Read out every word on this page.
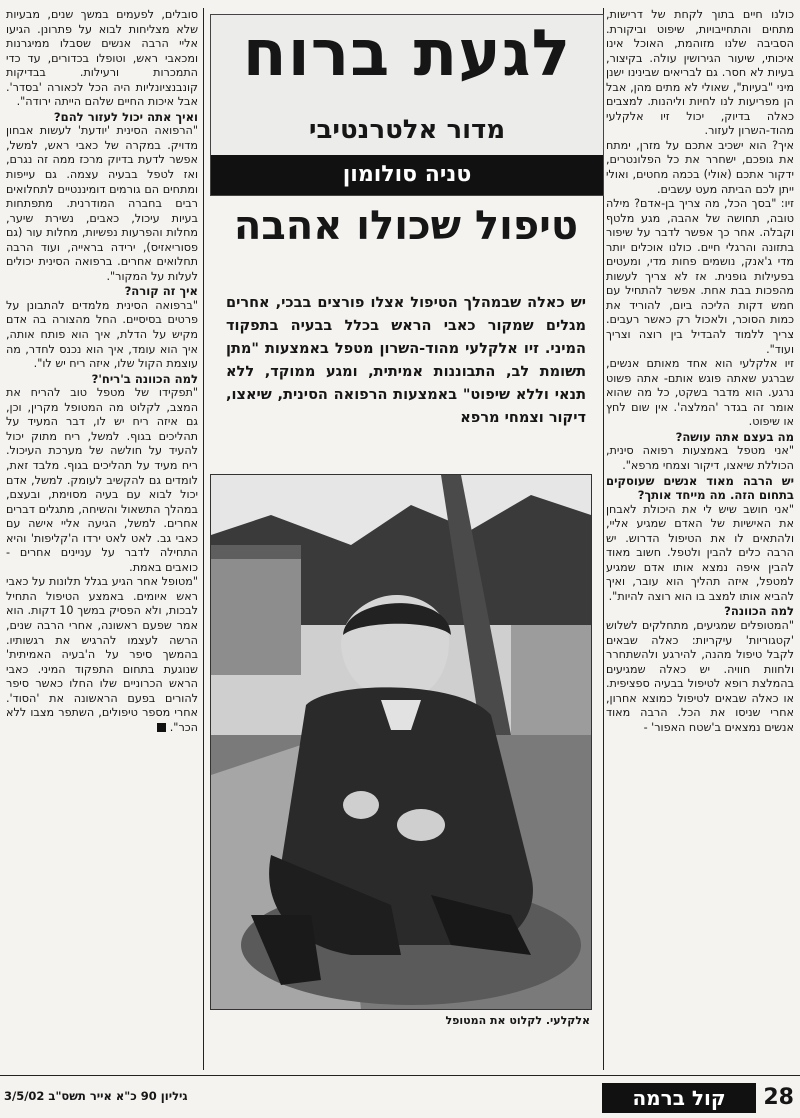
כולנו חיים בתוך לקחת של דרישות, מתחים והתחייבויות, שיפוט וביקורת. הסביבה שלנו מזוהמת, האוכל אינו איכותי, שיעור הגירושין עולה. בקיצור, בעיות לא חסר. גם לבריאים שבינינו ישנן מיני "בעיות", שאולי לא מתים מהן, אבל הן מפריעות לנו לחיות וליהנות. למצבים כאלה בדיוק, יכול זיו אלקלעי מהוד-השרון לעזור.

איך? הוא ישכיב אתכם על מזרן, ימתח את גופכם, ישחרר את כל הפלונטרים, ידקור אתכם (אולי) בכמה מחטים, ואולי ייתן לכם הביתה מעט עשבים.

זיו: "בסך הכל, מה צריך בן-אדם? מילה טובה, תחושה של אהבה, מגע מלטף וקבלה. אחר כך אפשר לדבר על שיפור בתזונה והרגלי חיים. כולנו אוכלים יותר מדי ג'אנק, נושמים פחות מדי, ומעטים בפעילות גופנית. אז לא צריך לעשות מהפכות בבת אחת. אפשר להתחיל עם חמש דקות הליכה ביום, להוריד את כמות הסוכר, ולאכול רק כאשר רעבים. צריך ללמוד להבדיל בין רוצה וצריך ועוד".

זיו אלקלעי הוא אחד מאותם אנשים, שברגע שאתה פוגש אותם- אתה פשוט נרגע. הוא מדבר בשקט, כל מה שהוא אומר זה בגדר 'המלצה'. אין שום לחץ או שיפוט.

מה בעצם אתה עושה?

"אני מטפל באמצעות רפואה סינית, הכוללת שיאצו, דיקור וצמחי מרפא".

יש הרבה מאוד אנשים שעוסקים בתחום הזה. מה מייחד אותך?

"אני חושב שיש לי את היכולת לאבחן את האישיות של האדם שמגיע אליי, ולהתאים לו את הטיפול הדרוש. יש הרבה כלים להבין ולטפל. חשוב מאוד להבין איפה נמצא אותו אדם שמגיע למטפל, איזה תהליך הוא עובר, ואיך להביא אותו למצב בו הוא רוצה להיות".

למה הכוונה?

"המטופלים שמגיעים, מתחלקים לשלוש 'קטגוריות' עיקריות: כאלה שבאים לקבל טיפול מהנה, להירגע ולהשתחרר ולחוות חוויה. יש כאלה שמגיעים בהמלצת רופא לטיפול בבעיה ספציפית. או כאלה שבאים לטיפול כמוצא אחרון, אחרי שניסו את הכל. הרבה מאוד אנשים נמצאים ב'שטח האפור' -

לגעת ברוח
מדור אלטרנטיבי
טניה סולומון
טיפול שכולו אהבה
יש כאלה שבמהלך הטיפול אצלו פורצים בבכי, אחרים מגלים שמקור כאבי הראש בכלל בבעיה בתפקוד המיני. זיו אלקלעי מהוד-השרון מטפל באמצעות "מתן תשומת לב, התבוננות אמיתית, ומגע ממוקד, ללא תנאי וללא שיפוט" באמצעות הרפואה הסינית, שיאצו, דיקור וצמחי מרפא
אלקלעי. לקלוט את המטופל

סובלים, לפעמים במשך שנים, מבעיות שלא מצליחות לבוא על פתרונן. הגיעו אליי הרבה אנשים שסבלו ממיגרנות ומכאבי ראש, וטופלו בכדורים, עד כדי התמכרות ורעילות. בבדיקות קונבנציונליות היה הכל לכאורה 'בסדר'. אבל איכות החיים שלהם הייתה ירודה".

ואיך אתה יכול לעזור להם?

"הרפואה הסינית 'יודעת' לעשות אבחון מדויק. במקרה של כאבי ראש, למשל, אפשר לדעת בדיוק מרכז ממה זה נגרם, ואז לטפל בבעיה עצמה. גם עייפות ומתחים הם גורמים דומיננטיים לתחלואים רבים בחברה המודרנית. מתפתחות בעיות עיכול, כאבים, נשירת שיער, מחלות והפרעות נפשיות, מחלות עור (גם פסוריאזיס), ירידה בראייה, ועוד הרבה תחלואים אחרים. ברפואה הסינית יכולים לעלות על המקור".

איך זה קורה?

"ברפואה הסינית מלמדים להתבונן על פרטים בסיסיים. החל מהצורה בה אדם מקיש על הדלת, איך הוא פותח אותה, איך הוא עומד, איך הוא נכנס לחדר, מה עוצמת הקול שלו, איזה ריח יש לו".

למה הכוונה ב'ריח'?

"תפקידו של מטפל טוב להריח את המצב, לקלוט מה המטופל מקרין, וכן, גם איזה ריח יש לו, דבר המעיד על תהליכים בגוף. למשל, ריח מתוק יכול להעיד על חולשה של מערכת העיכול. ריח מעיד על תהליכים בגוף. מלבד זאת, לומדים גם להקשיב לעומק. למשל, אדם יכול לבוא עם בעיה מסוימת, ובעצם, במהלך התשאול והשיחה, מתגלים דברים אחרים. למשל, הגיעה אליי אישה עם כאבי גב. לאט לאט ירדו ה'קליפות' והיא התחילה לדבר על עניינים אחרים - כואבים באמת.

"מטופל אחר הגיע בגלל תלונות על כאבי ראש איומים. באמצע הטיפול התחיל לבכות, ולא הפסיק במשך 10 דקות. הוא אמר שפעם ראשונה, אחרי הרבה שנים, הרשה לעצמו להרגיש את רגשותיו. בהמשך סיפר על ה'בעיה האמיתית' שנוגעת בתחום התפקוד המיני. כאבי הראש הכרוניים שלו החלו כאשר סיפר להורים בפעם הראשונה את 'הסוד'. אחרי מספר טיפולים, השתפר מצבו ללא הכר".

28
קול ברמה
גיליון 90 כ"א אייר תשס"ב 3/5/02
